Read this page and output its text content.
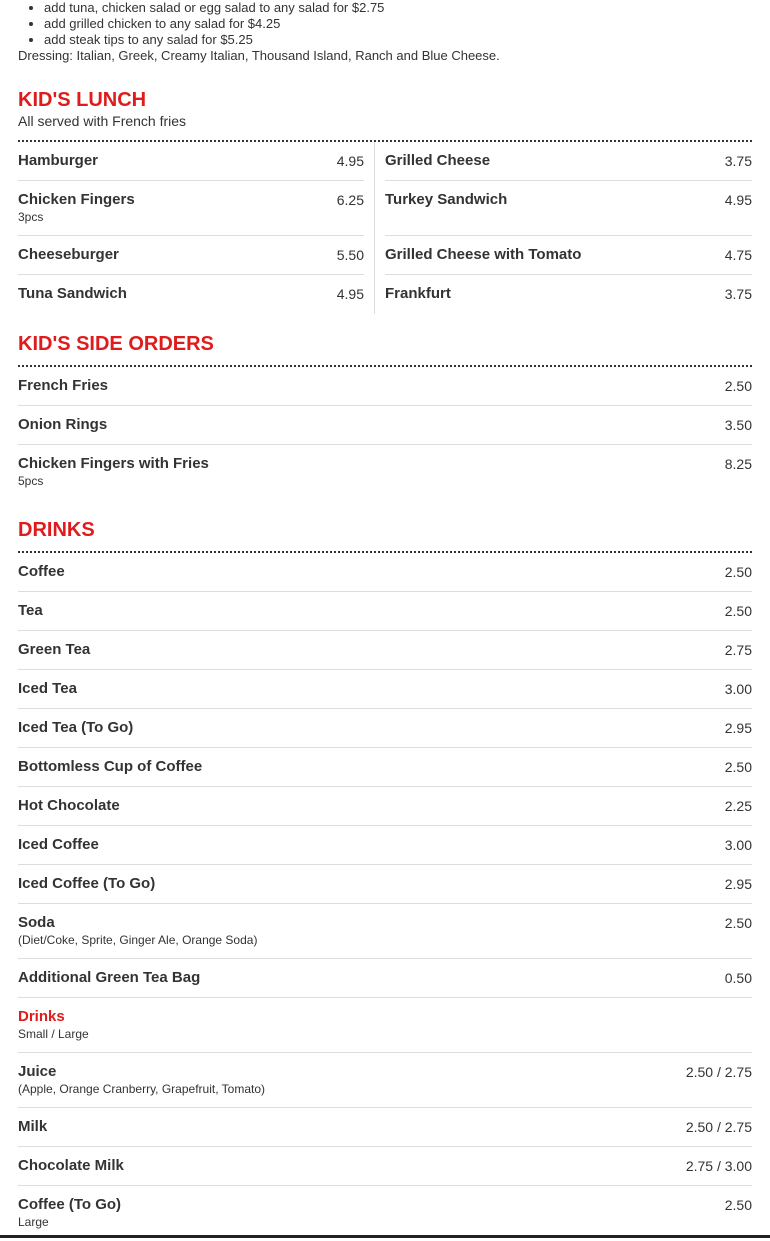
• add tuna, chicken salad or egg salad to any salad for $2.75
• add grilled chicken to any salad for $4.25
• add steak tips to any salad for $5.25

Dressing: Italian, Greek, Creamy Italian, Thousand Island, Ranch and Blue Cheese.

KID'S LUNCH

All served with French fries

Hamburger	4.95
Chicken Fingers
3pcs
6.25
Cheeseburger	5.50
Tuna Sandwich	4.95
Grilled Cheese	3.75
Turkey Sandwich	4.95
Grilled Cheese with Tomato	4.75
Frankfurt	3.75
KID'S SIDE ORDERS
French Fries	2.50
Onion Rings	3.50
Chicken Fingers with Fries
5pcs
8.25
DRINKS
Coffee	2.50
Tea	2.50
Green Tea	2.75
Iced Tea	3.00
Iced Tea (To Go)	2.95
Bottomless Cup of Coffee	2.50
Hot Chocolate	2.25
Iced Coffee	3.00
Iced Coffee (To Go)	2.95
Soda
(Diet/Coke, Sprite, Ginger Ale, Orange Soda)
2.50
Additional Green Tea Bag	0.50
Drinks
Small / Large
Juice
(Apple, Orange Cranberry, Grapefruit, Tomato)
2.50 / 2.75
Milk	2.50 / 2.75
Chocolate Milk	2.75 / 3.00
Coffee (To Go)
Large
2.50
